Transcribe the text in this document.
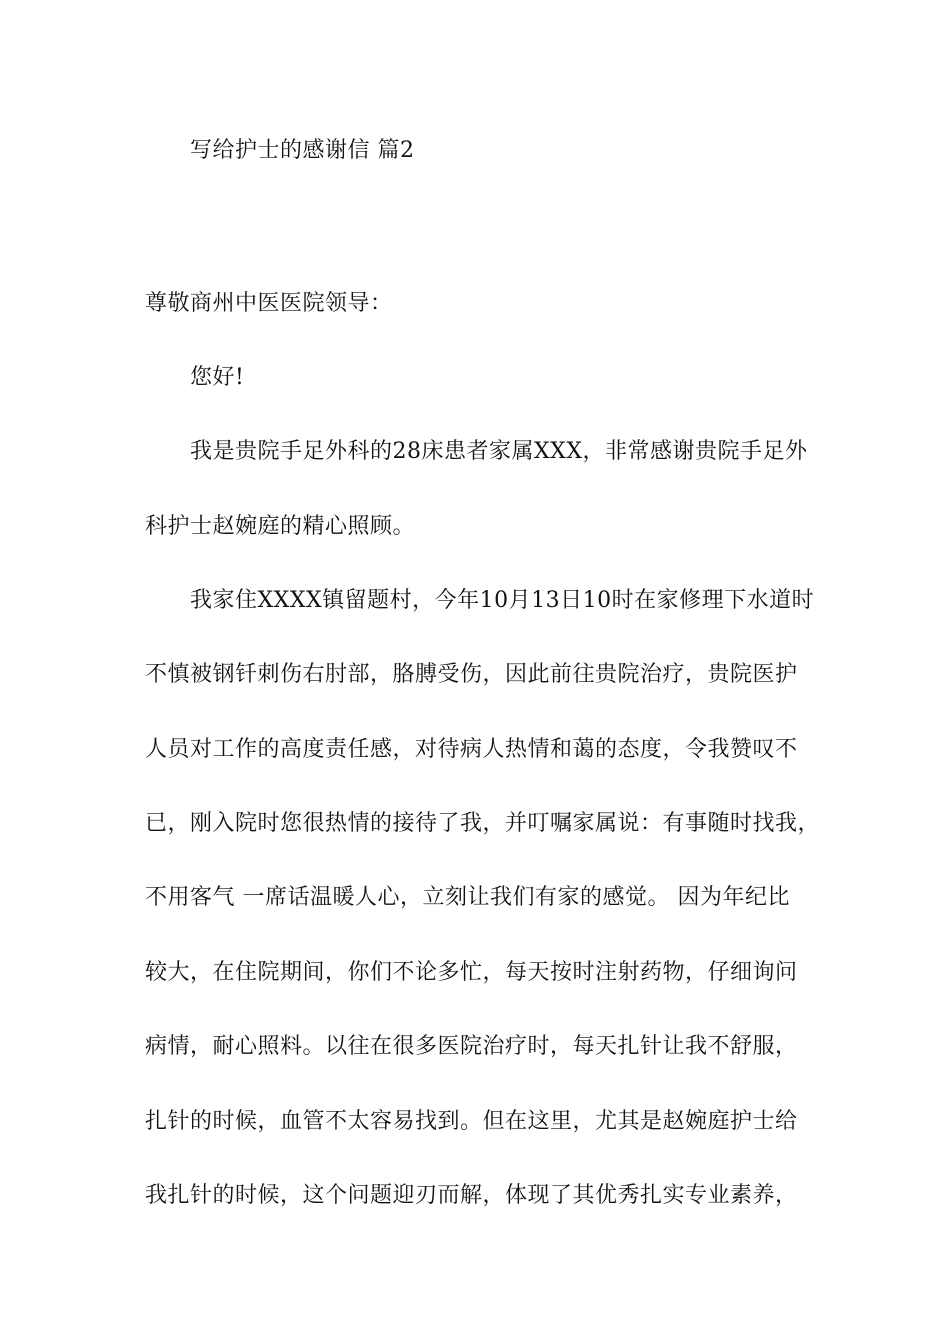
写给护士的感谢信 篇2
尊敬商州中医医院领导：
您好!
我是贵院手足外科的28床患者家属XXX，非常感谢贵院手足外
科护士赵婉庭的精心照顾。
我家住XXXX镇留题村，今年10月13日10时在家修理下水道时
不慎被钢钎刺伤右肘部，胳膊受伤，因此前往贵院治疗，贵院医护
人员对工作的高度责任感，对待病人热情和蔼的态度，令我赞叹不
已，刚入院时您很热情的接待了我，并叮嘱家属说：有事随时找我，
不用客气 一席话温暖人心，立刻让我们有家的感觉。 因为年纪比
较大，在住院期间，你们不论多忙，每天按时注射药物，仔细询问
病情，耐心照料。以往在很多医院治疗时，每天扎针让我不舒服，
扎针的时候，血管不太容易找到。但在这里，尤其是赵婉庭护士给
我扎针的时候，这个问题迎刃而解，体现了其优秀扎实专业素养，
